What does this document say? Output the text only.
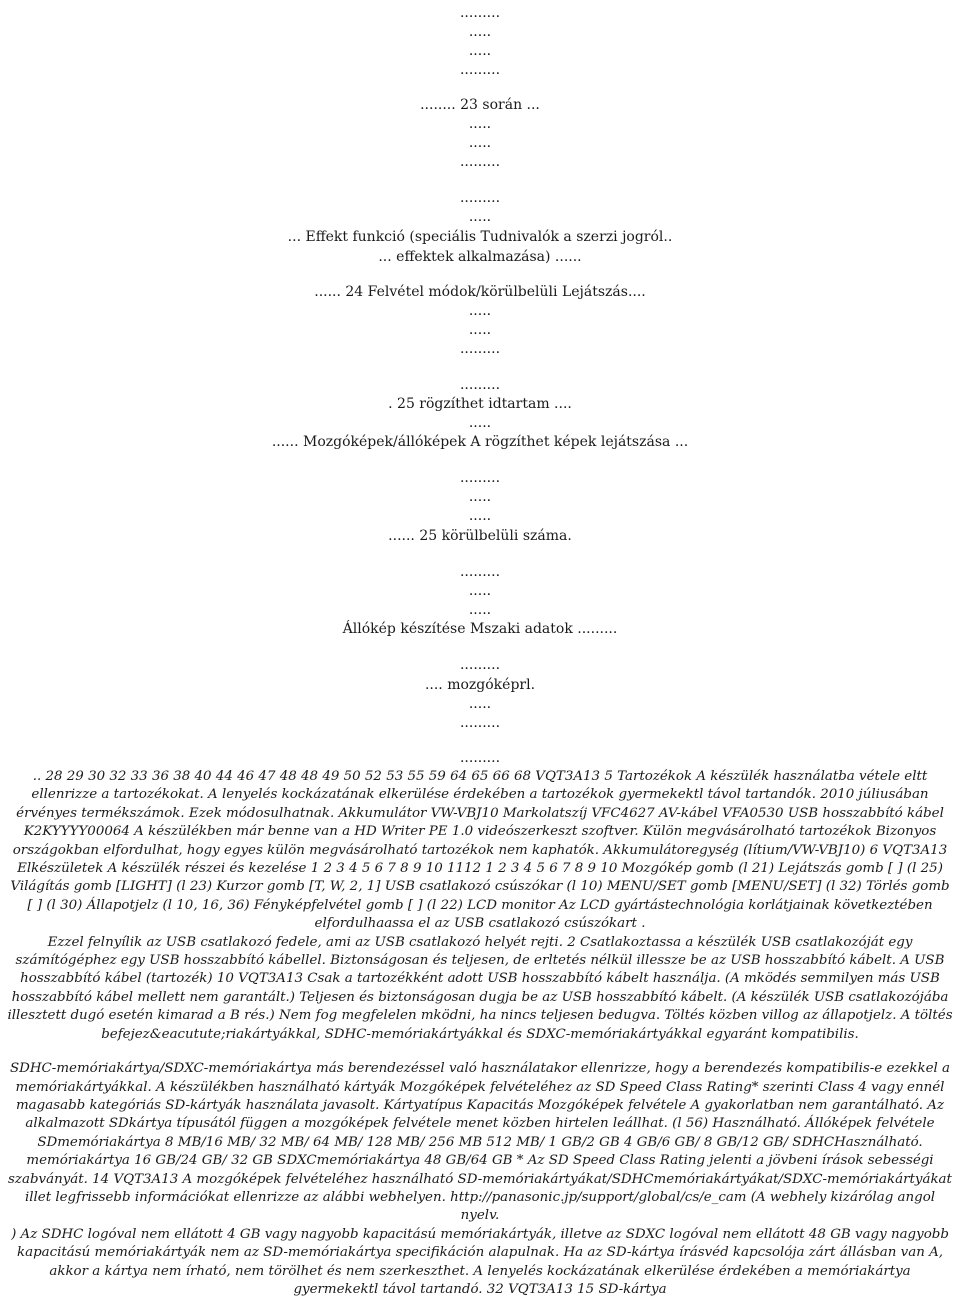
.........
.....
.....
.........
........ 23 során ...
.....
.....
.........
.........
.....
... Effekt funkció (speciális Tudnivalók a szerzi jogról..
... effektek alkalmazása) ......
...... 24 Felvétel módok/körülbelüli Lejátszás....
.....
.....
.........
.........
. 25 rögzíthet idtartam ....
.....
...... Mozgóképek/állóképek A rögzíthet képek lejátszása ...
.........
.....
.....
...... 25 körülbelüli száma.
.........
.....
.....
Állókép készítése Mszaki adatok .........
.........
.... mozgóképrl.
.....
.........
.........

.. 28 29 30 32 33 36 38 40 44 46 47 48 48 49 50 52 53 55 59 64 65 66 68 VQT3A13 5 Tartozékok A készülék használatba vétele eltt ellenrizze a tartozékokat. A lenyelés kockázatának elkerülése érdekében a tartozékok gyermekektl távol tartandók. 2010 júliusában érvényes termékszámok. Ezek módosulhatnak. Akkumulátor VW-VBJ10 Markolatszíj VFC4627 AV-kábel VFA0530 USB hosszabbító kábel K2KYYYY00064 A készülékben már benne van a HD Writer PE 1.0 videószerkeszt szoftver. Külön megvásárolható tartozékok Bizonyos országokban elfordulhat, hogy egyes külön megvásárolható tartozékok nem kaphatók. Akkumulátoregység (lítium/VW-VBJ10) 6 VQT3A13 Elkészületek A készülék részei és kezelése 1 2 3 4 5 6 7 8 9 10 1112 1 2 3 4 5 6 7 8 9 10 Mozgókép gomb (l 21) Lejátszás gomb [ ] (l 25) Világítás gomb [LIGHT] (l 23) Kurzor gomb [T, W, 2, 1] USB csatlakozó csúszókar (l 10) MENU/SET gomb [MENU/SET] (l 32) Törlés gomb [ ] (l 30) Állapotjelz (l 10, 16, 36) Fényképfelvétel gomb [ ] (l 22) LCD monitor Az LCD gyártástechnológia korlátjainak következtében elfordulhaassa el az USB csatlakozó csúszókart .

Ezzel felnyílik az USB csatlakozó fedele, ami az USB csatlakozó helyét rejti. 2 Csatlakoztassa a készülék USB csatlakozóját egy számítógéphez egy USB hosszabbító kábellel. Biztonságosan és teljesen, de erltetés nélkül illessze be az USB hosszabbító kábelt. A USB hosszabbító kábel (tartozék) 10 VQT3A13 Csak a tartozékként adott USB hosszabbító kábelt használja. (A mködés semmilyen más USB hosszabbító kábel mellett nem garantált.) Teljesen és biztonságosan dugja be az USB hosszabbító kábelt. (A készülék USB csatlakozójába illesztett dugó esetén kimarad a B rés.) Nem fog megfelelen mködni, ha nincs teljesen bedugva. Töltés közben villog az állapotjelz. A töltés befejez&eacutute;riakártyákkal, SDHC-memóriakártyákkal és SDXC-memóriakártyákkal egyaránt kompatibilis.

SDHC-memóriakártya/SDXC-memóriakártya más berendezéssel való használatakor ellenrizze, hogy a berendezés kompatibilis-e ezekkel a memóriakártyákkal. A készülékben használható kártyák Mozgóképek felvételéhez az SD Speed Class Rating* szerinti Class 4 vagy ennél magasabb kategóriás SD-kártyák használata javasolt. Kártyatípus Kapacitás Mozgóképek felvétele A gyakorlatban nem garantálható. Az alkalmazott SDkártya típusától függen a mozgóképek felvétele menet közben hirtelen leállhat. (l 56) Használható. Állóképek felvétele SDmemóriakártya 8 MB/16 MB/ 32 MB/ 64 MB/ 128 MB/ 256 MB 512 MB/ 1 GB/2 GB 4 GB/6 GB/ 8 GB/12 GB/ SDHCHasználható. memóriakártya 16 GB/24 GB/ 32 GB SDXCmemóriakártya 48 GB/64 GB * Az SD Speed Class Rating jelenti a jövbeni írások sebességi szabványát. 14 VQT3A13 A mozgóképek felvételéhez használható SD-memóriakártyákat/SDHCmemóriakártyákat/SDXC-memóriakártyákat illet legfrissebb információkat ellenrizze az alábbi webhelyen. http://panasonic.jp/support/global/cs/e_cam (A webhely kizárólag angol nyelv.

) Az SDHC logóval nem ellátott 4 GB vagy nagyobb kapacitású memóriakártyák, illetve az SDXC logóval nem ellátott 48 GB vagy nagyobb kapacitású memóriakártyák nem az SD-memóriakártya specifikáción alapulnak. Ha az SD-kártya írásvéd kapcsolója zárt állásban van A, akkor a kártya nem írható, nem törölhet és nem szerkeszthet. A lenyelés kockázatának elkerülése érdekében a memóriakártya gyermekektl távol tartandó. 32 VQT3A13 15 SD-kártya
